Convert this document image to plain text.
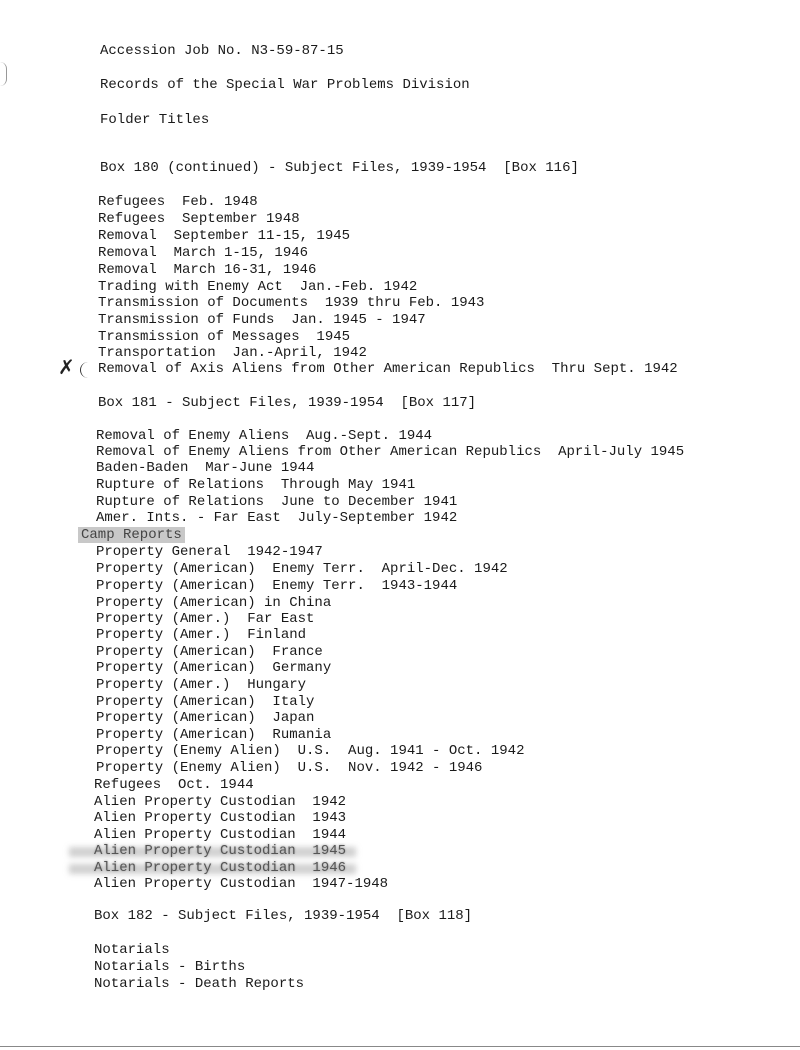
Accession Job No. N3-59-87-15
Records of the Special War Problems Division
Folder Titles
Box 180 (continued) - Subject Files, 1939-1954  [Box 116]
Refugees  Feb. 1948
Refugees  September 1948
Removal  September 11-15, 1945
Removal  March 1-15, 1946
Removal  March 16-31, 1946
Trading with Enemy Act  Jan.-Feb. 1942
Transmission of Documents  1939 thru Feb. 1943
Transmission of Funds  Jan. 1945 - 1947
Transmission of Messages  1945
Transportation  Jan.-April, 1942
✗ Removal of Axis Aliens from Other American Republics  Thru Sept. 1942
Box 181 - Subject Files, 1939-1954  [Box 117]
Removal of Enemy Aliens  Aug.-Sept. 1944
Removal of Enemy Aliens from Other American Republics  April-July 1945
Baden-Baden  Mar-June 1944
Rupture of Relations  Through May 1941
Rupture of Relations  June to December 1941
Amer. Ints. - Far East  July-September 1942
Camp Reports
Property General  1942-1947
Property (American)  Enemy Terr.  April-Dec. 1942
Property (American)  Enemy Terr.  1943-1944
Property (American) in China
Property (Amer.)  Far East
Property (Amer.)  Finland
Property (American)  France
Property (American)  Germany
Property (Amer.)  Hungary
Property (American)  Italy
Property (American)  Japan
Property (American)  Rumania
Property (Enemy Alien)  U.S.  Aug. 1941 - Oct. 1942
Property (Enemy Alien)  U.S.  Nov. 1942 - 1946
Refugees  Oct. 1944
Alien Property Custodian  1942
Alien Property Custodian  1943
Alien Property Custodian  1944
Alien Property Custodian  1945
Alien Property Custodian  1946
Alien Property Custodian  1947-1948
Box 182 - Subject Files, 1939-1954  [Box 118]
Notarials
Notarials - Births
Notarials - Death Reports
